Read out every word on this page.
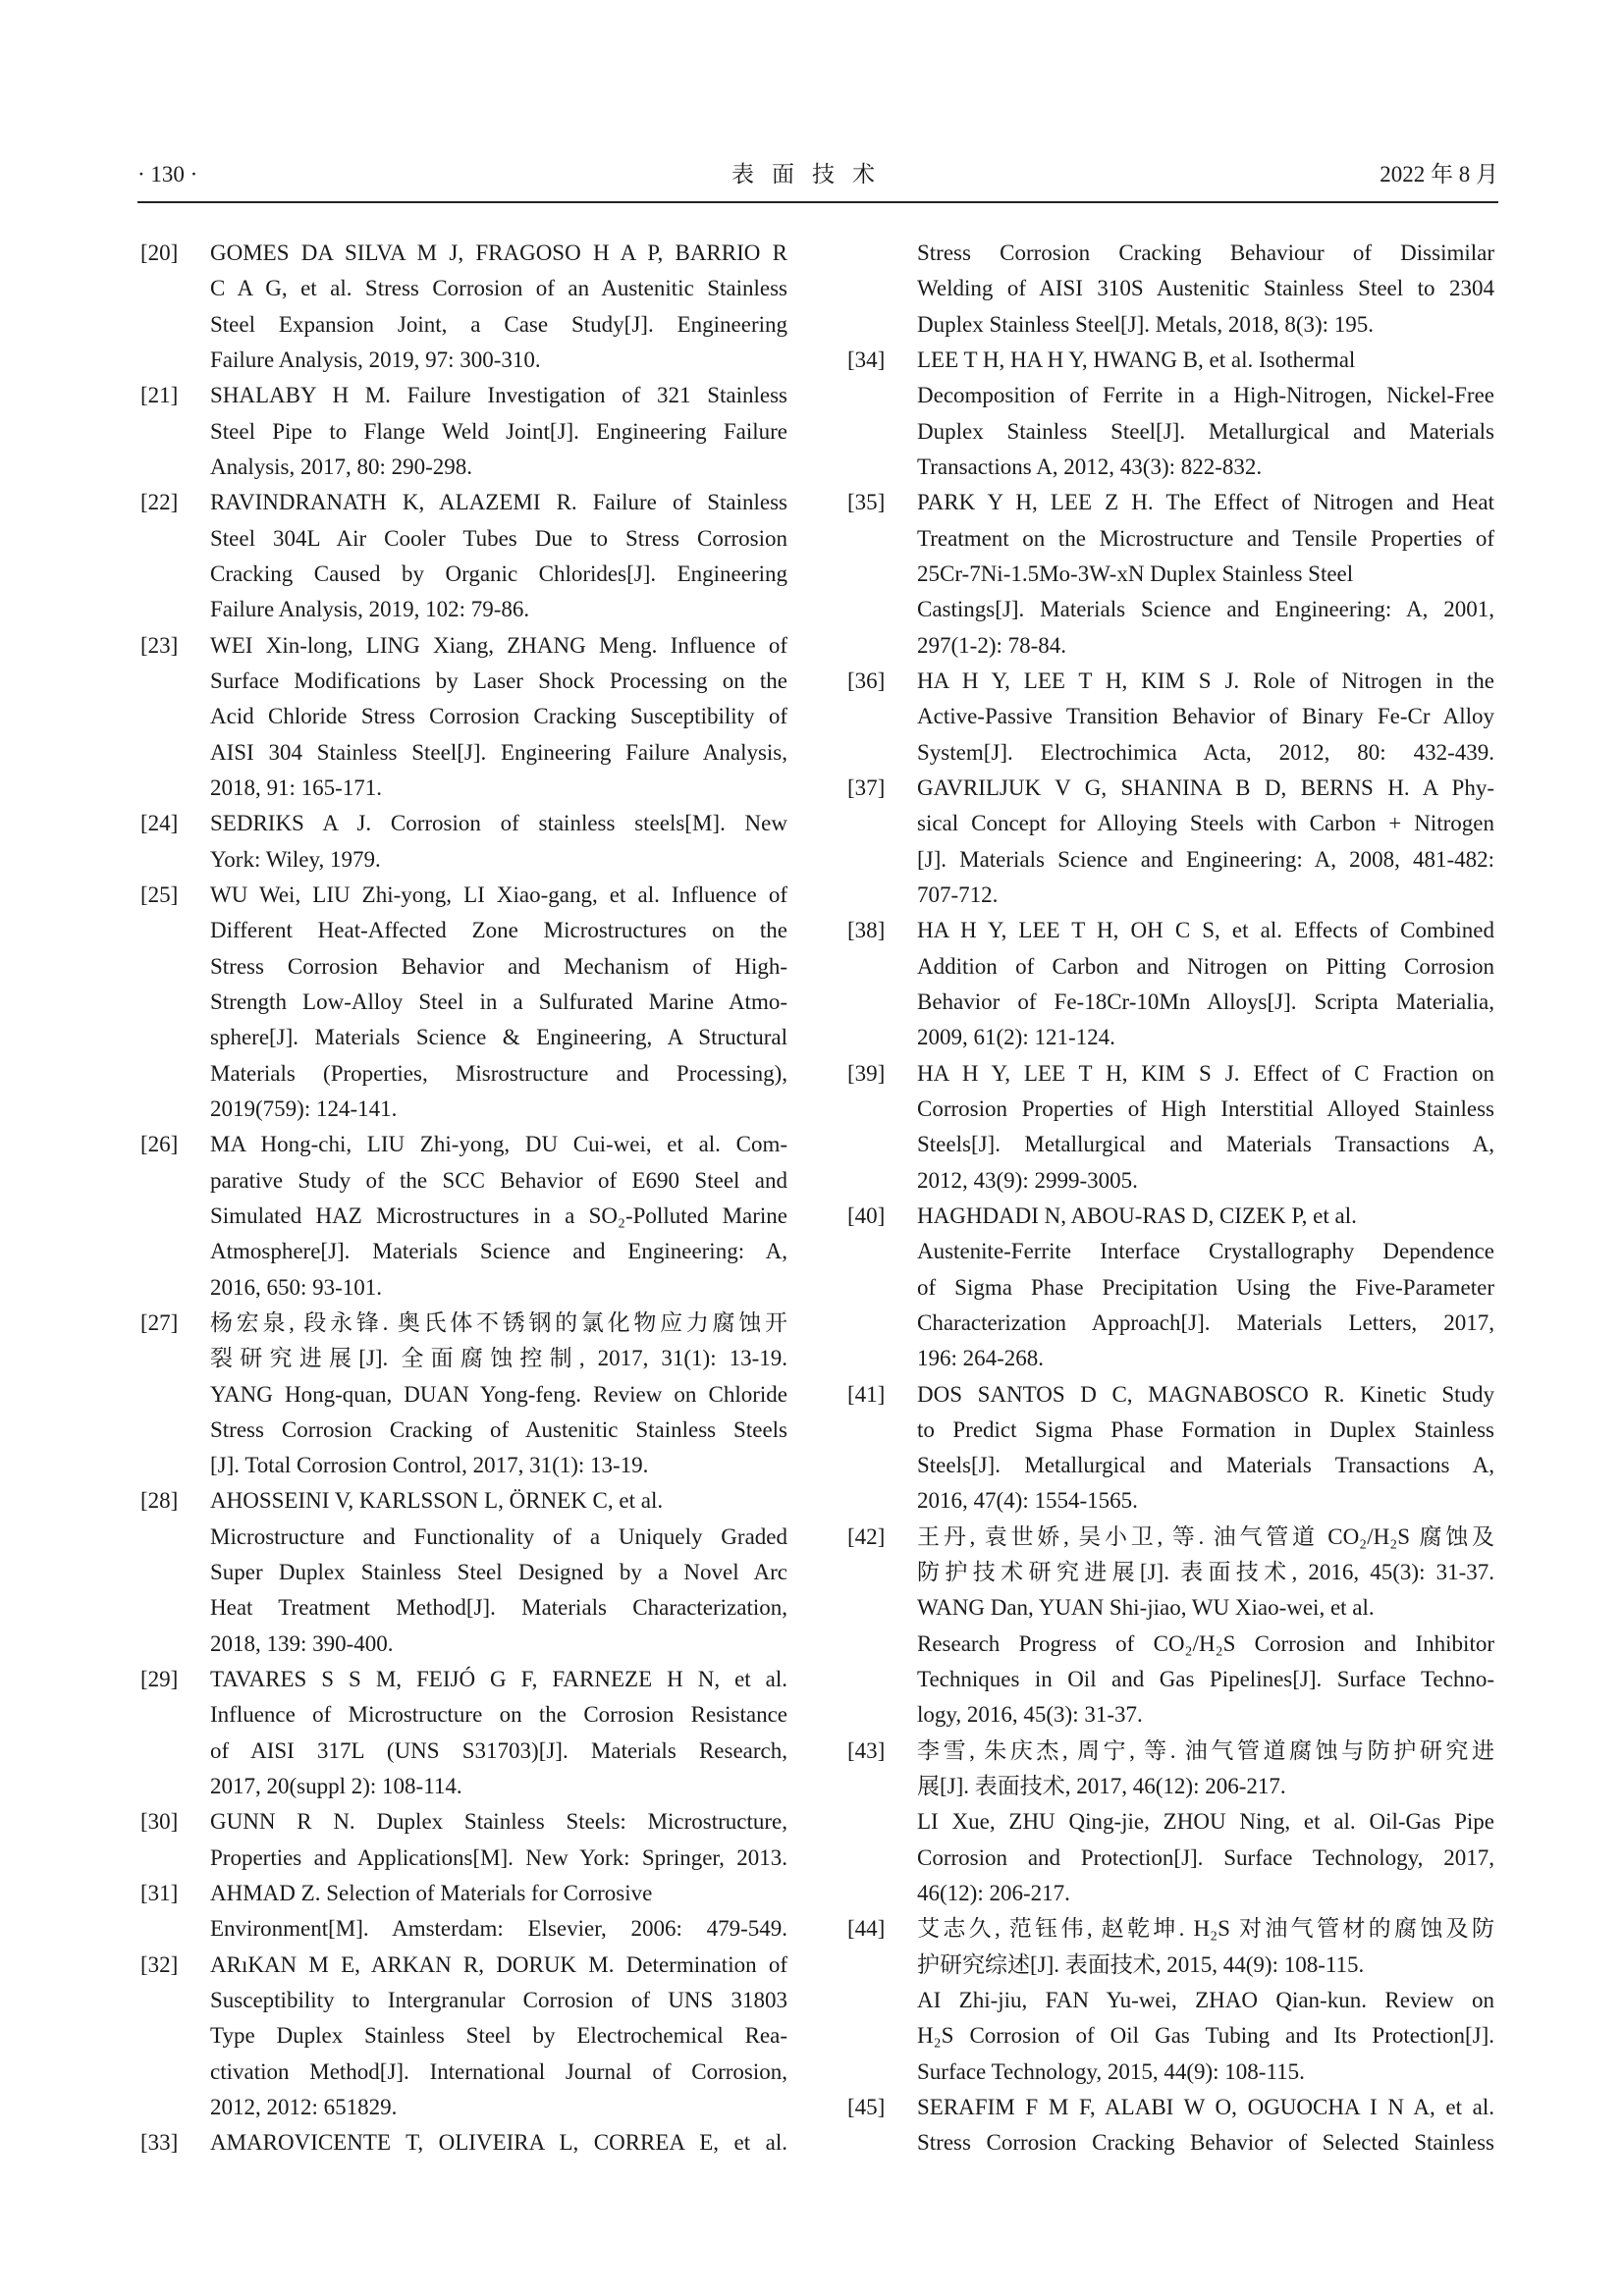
· 130 ·	表面技术	2022 年 8 月
[20] GOMES DA SILVA M J, FRAGOSO H A P, BARRIO R
C A G, et al. Stress Corrosion of an Austenitic Stainless
Steel Expansion Joint, a Case Study[J]. Engineering
Failure Analysis, 2019, 97: 300-310.
[21] SHALABY H M. Failure Investigation of 321 Stainless
Steel Pipe to Flange Weld Joint[J]. Engineering Failure
Analysis, 2017, 80: 290-298.
[22] RAVINDRANATH K, ALAZEMI R. Failure of Stainless
Steel 304L Air Cooler Tubes Due to Stress Corrosion
Cracking Caused by Organic Chlorides[J]. Engineering
Failure Analysis, 2019, 102: 79-86.
[23] WEI Xin-long, LING Xiang, ZHANG Meng. Influence of
Surface Modifications by Laser Shock Processing on the
Acid Chloride Stress Corrosion Cracking Susceptibility of
AISI 304 Stainless Steel[J]. Engineering Failure Analysis,
2018, 91: 165-171.
[24] SEDRIKS A J. Corrosion of stainless steels[M]. New
York: Wiley, 1979.
[25] WU Wei, LIU Zhi-yong, LI Xiao-gang, et al. Influence of
Different Heat-Affected Zone Microstructures on the
Stress Corrosion Behavior and Mechanism of High-
Strength Low-Alloy Steel in a Sulfurated Marine Atmo-
sphere[J]. Materials Science & Engineering, A Structural
Materials (Properties, Misrostructure and Processing),
2019(759): 124-141.
[26] MA Hong-chi, LIU Zhi-yong, DU Cui-wei, et al. Com-
parative Study of the SCC Behavior of E690 Steel and
Simulated HAZ Microstructures in a SO₂-Polluted Marine
Atmosphere[J]. Materials Science and Engineering: A,
2016, 650: 93-101.
[27] 杨宏泉, 段永锋. 奥氏体不锈钢的氯化物应力腐蚀开
裂研究进展[J]. 全面腐蚀控制, 2017, 31(1): 13-19.
YANG Hong-quan, DUAN Yong-feng. Review on Chloride
Stress Corrosion Cracking of Austenitic Stainless Steels
[J]. Total Corrosion Control, 2017, 31(1): 13-19.
[28] AHOSSEINI V, KARLSSON L, ÖRNEK C, et al.
Microstructure and Functionality of a Uniquely Graded
Super Duplex Stainless Steel Designed by a Novel Arc
Heat Treatment Method[J]. Materials Characterization,
2018, 139: 390-400.
[29] TAVARES S S M, FEIJÓ G F, FARNEZE H N, et al.
Influence of Microstructure on the Corrosion Resistance
of AISI 317L (UNS S31703)[J]. Materials Research,
2017, 20(suppl 2): 108-114.
[30] GUNN R N. Duplex Stainless Steels: Microstructure,
Properties and Applications[M]. New York: Springer, 2013.
[31] AHMAD Z. Selection of Materials for Corrosive
Environment[M]. Amsterdam: Elsevier, 2006: 479-549.
[32] ARıKAN M E, ARKAN R, DORUK M. Determination of
Susceptibility to Intergranular Corrosion of UNS 31803
Type Duplex Stainless Steel by Electrochemical Rea-
ctivation Method[J]. International Journal of Corrosion,
2012, 2012: 651829.
[33] AMAROVICENTE T, OLIVEIRA L, CORREA E, et al.
Stress Corrosion Cracking Behaviour of Dissimilar
Welding of AISI 310S Austenitic Stainless Steel to 2304
Duplex Stainless Steel[J]. Metals, 2018, 8(3): 195.
[34] LEE T H, HA H Y, HWANG B, et al. Isothermal
Decomposition of Ferrite in a High-Nitrogen, Nickel-Free
Duplex Stainless Steel[J]. Metallurgical and Materials
Transactions A, 2012, 43(3): 822-832.
[35] PARK Y H, LEE Z H. The Effect of Nitrogen and Heat
Treatment on the Microstructure and Tensile Properties of
25Cr-7Ni-1.5Mo-3W-xN Duplex Stainless Steel
Castings[J]. Materials Science and Engineering: A, 2001,
297(1-2): 78-84.
[36] HA H Y, LEE T H, KIM S J. Role of Nitrogen in the
Active-Passive Transition Behavior of Binary Fe-Cr Alloy
System[J]. Electrochimica Acta, 2012, 80: 432-439.
[37] GAVRILJUK V G, SHANINA B D, BERNS H. A Phy-
sical Concept for Alloying Steels with Carbon + Nitrogen
[J]. Materials Science and Engineering: A, 2008, 481-482:
707-712.
[38] HA H Y, LEE T H, OH C S, et al. Effects of Combined
Addition of Carbon and Nitrogen on Pitting Corrosion
Behavior of Fe-18Cr-10Mn Alloys[J]. Scripta Materialia,
2009, 61(2): 121-124.
[39] HA H Y, LEE T H, KIM S J. Effect of C Fraction on
Corrosion Properties of High Interstitial Alloyed Stainless
Steels[J]. Metallurgical and Materials Transactions A,
2012, 43(9): 2999-3005.
[40] HAGHDADI N, ABOU-RAS D, CIZEK P, et al.
Austenite-Ferrite Interface Crystallography Dependence
of Sigma Phase Precipitation Using the Five-Parameter
Characterization Approach[J]. Materials Letters, 2017,
196: 264-268.
[41] DOS SANTOS D C, MAGNABOSCO R. Kinetic Study
to Predict Sigma Phase Formation in Duplex Stainless
Steels[J]. Metallurgical and Materials Transactions A,
2016, 47(4): 1554-1565.
[42] 王丹, 袁世娇, 吴小卫, 等. 油气管道 CO₂/H₂S 腐蚀及
防护技术研究进展[J]. 表面技术, 2016, 45(3): 31-37.
WANG Dan, YUAN Shi-jiao, WU Xiao-wei, et al.
Research Progress of CO₂/H₂S Corrosion and Inhibitor
Techniques in Oil and Gas Pipelines[J]. Surface Techno-
logy, 2016, 45(3): 31-37.
[43] 李雪, 朱庆杰, 周宁, 等. 油气管道腐蚀与防护研究进
展[J]. 表面技术, 2017, 46(12): 206-217.
LI Xue, ZHU Qing-jie, ZHOU Ning, et al. Oil-Gas Pipe
Corrosion and Protection[J]. Surface Technology, 2017,
46(12): 206-217.
[44] 艾志久, 范钰伟, 赵乾坤. H₂S 对油气管材的腐蚀及防
护研究综述[J]. 表面技术, 2015, 44(9): 108-115.
AI Zhi-jiu, FAN Yu-wei, ZHAO Qian-kun. Review on
H₂S Corrosion of Oil Gas Tubing and Its Protection[J].
Surface Technology, 2015, 44(9): 108-115.
[45] SERAFIM F M F, ALABI W O, OGUOCHA I N A, et al.
Stress Corrosion Cracking Behavior of Selected Stainless
